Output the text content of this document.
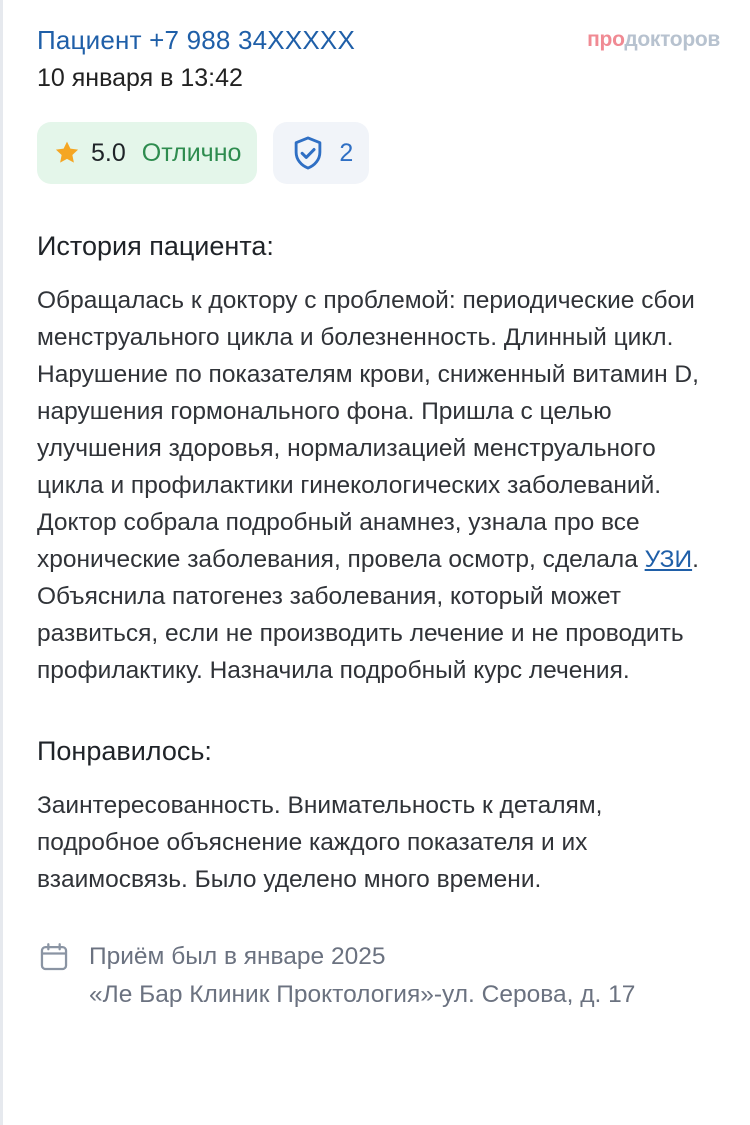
Пациент +7 988 34XXXXX
10 января в 13:42
продокторов
5.0 Отлично	2
История пациента:
Обращалась к доктору с проблемой: периодические сбои менструального цикла и болезненность. Длинный цикл. Нарушение по показателям крови, сниженный витамин D, нарушения гормонального фона. Пришла с целью улучшения здоровья, нормализацией менструального цикла и профилактики гинекологических заболеваний. Доктор собрала подробный анамнез, узнала про все хронические заболевания, провела осмотр, сделала УЗИ. Объяснила патогенез заболевания, который может развиться, если не производить лечение и не проводить профилактику. Назначила подробный курс лечения.
Понравилось:
Заинтересованность. Внимательность к деталям, подробное объяснение каждого показателя и их взаимосвязь. Было уделено много времени.
Приём был в январе 2025
«Ле Бар Клиник Проктология»-ул. Серова, д. 17
